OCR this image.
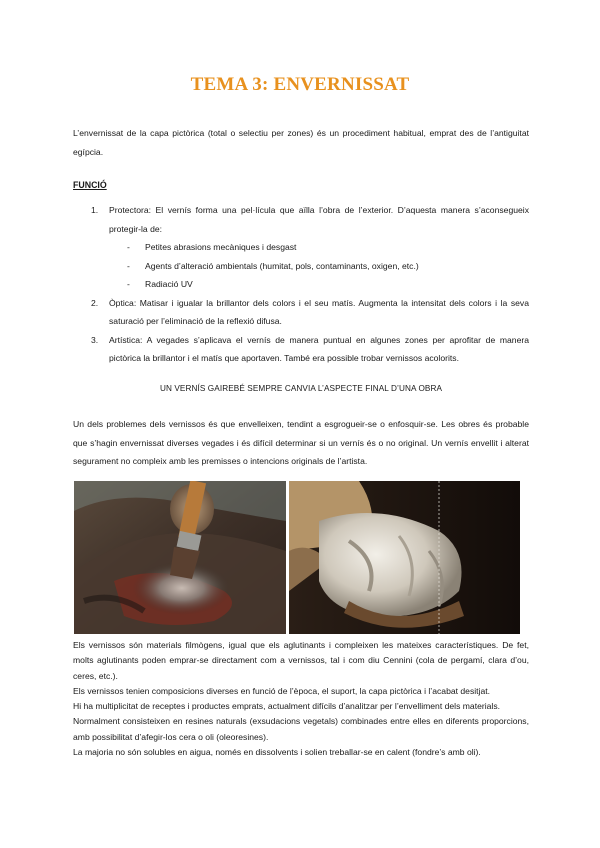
TEMA 3: ENVERNISSAT
L’envernissat de la capa pictòrica (total o selectiu per zones) és un procediment habitual, emprat des de l’antiguitat egípcia.
FUNCIÓ
1. Protectora: El vernís forma una pel·lícula que aïlla l’obra de l’exterior. D’aquesta manera s’aconsegueix protegir-la de:
- Petites abrasions mecàniques i desgast
- Agents d’alteració ambientals (humitat, pols, contaminants, oxigen, etc.)
- Radiació UV
2. Òptica: Matisar i igualar la brillantor dels colors i el seu matís. Augmenta la intensitat dels colors i la seva saturació per l’eliminació de la reflexió difusa.
3. Artística: A vegades s’aplicava el vernís de manera puntual en algunes zones per aprofitar de manera pictòrica la brillantor i el matís que aportaven. També era possible trobar vernissos acolorits.
UN VERNÍS GAIREBÉ SEMPRE CANVIA L’ASPECTE FINAL D’UNA OBRA
Un dels problemes dels vernissos és que envelleixen, tendint a esgrogueir-se o enfosquir-se. Les obres és probable que s’hagin envernissat diverses vegades i és difícil determinar si un vernís és o no original. Un vernís envellit i alterat segurament no compleix amb les premisses o intencions originals de l’artista.

Els vernissos són materials filmògens, igual que els aglutinants i compleixen les mateixes característiques. De fet, molts aglutinants poden emprar-se directament com a vernissos, tal i com diu Cennini (cola de pergamí, clara d’ou, ceres, etc.).

Els vernissos tenien composicions diverses en funció de l’època, el suport, la capa pictòrica i l’acabat desitjat.

Hi ha multiplicitat de receptes i productes emprats, actualment difícils d’analitzar per l’envelliment dels materials.

Normalment consisteixen en resines naturals (exsudacions vegetals) combinades entre elles en diferents proporcions, amb possibilitat d’afegir-los cera o oli (oleoresines).

La majoria no són solubles en aigua, només en dissolvents i solien treballar-se en calent (fondre’s amb oli).
